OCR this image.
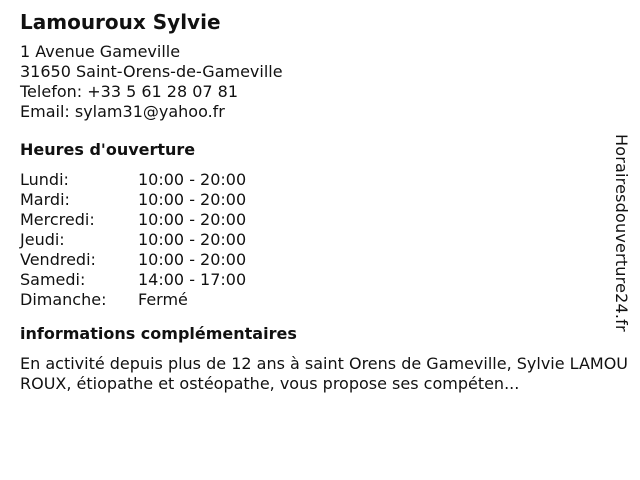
Lamouroux Sylvie
1 Avenue Gameville
31650 Saint-Orens-de-Gameville
Telefon: +33 5 61 28 07 81
Email: sylam31@yahoo.fr
Heures d'ouverture
Lundi:	10:00 - 20:00
Mardi:	10:00 - 20:00
Mercredi:	10:00 - 20:00
Jeudi:	10:00 - 20:00
Vendredi:	10:00 - 20:00
Samedi:	14:00 - 17:00
Dimanche:	Fermé
informations complémentaires
En activité depuis plus de 12 ans à saint Orens de Gameville, Sylvie LAMOUROUX, étiopathe et ostéopathe, vous propose ses compéten...
Horairesdouverture24.fr
